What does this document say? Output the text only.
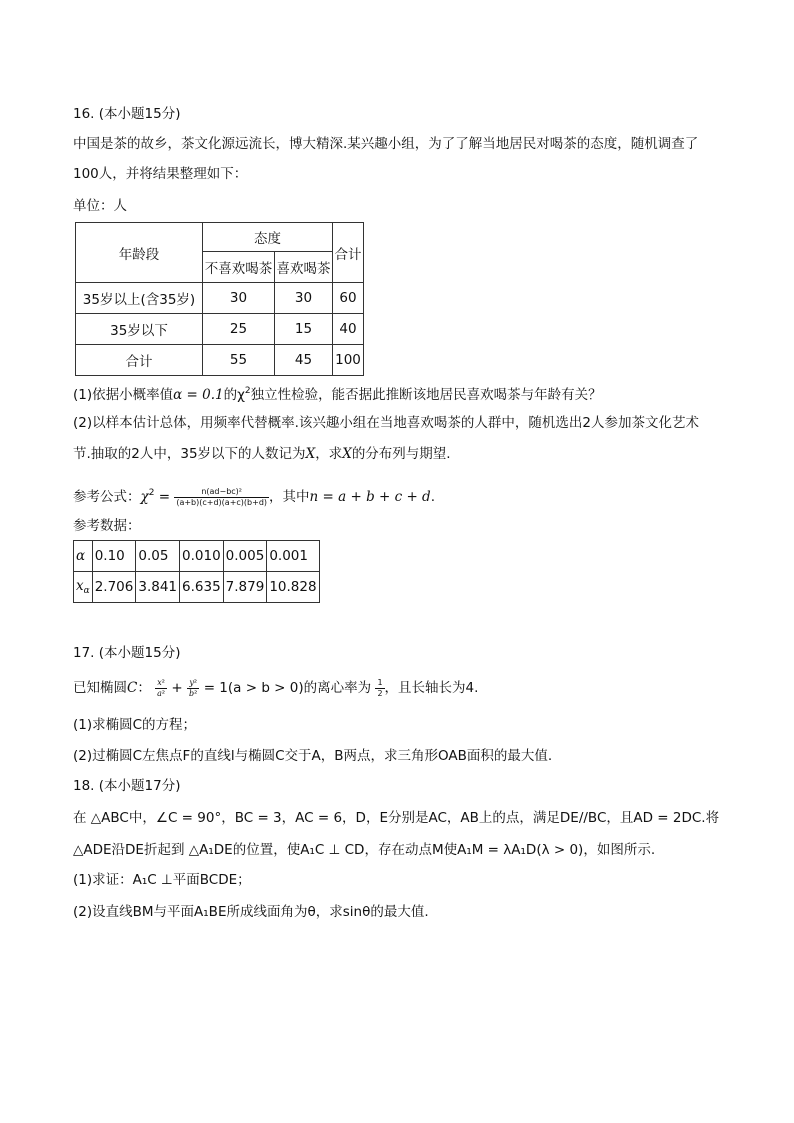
16. (本小题15分)
中国是茶的故乡，茶文化源远流长，博大精深.某兴趣小组，为了了解当地居民对喝茶的态度，随机调查了
100人，并将结果整理如下：
单位：人
年龄段	态度		合计
	不喜欢喝茶	喜欢喝茶	
35岁以上(含35岁)	30	30	60
35岁以下	25	15	40
合计	55	45	100
(1)依据小概率值α = 0.1的$\chi^2$独立性检验，能否据此推断该地居民喜欢喝茶与年龄有关？
(2)以样本估计总体，用频率代替概率.该兴趣小组在当地喜欢喝茶的人群中，随机选出2人参加茶文化艺术
节.抽取的2人中，35岁以下的人数记为X，求X的分布列与期望.
参考公式：$\chi^2 = \frac{\text{n(ad−bc)²}}{(a+b)(c+d)(a+c)(b+d)}$ ，其中n = a + b + c + d.
参考数据：
α	0.10	0.05	0.010	0.005	0.001
$x_\alpha$	2.706	3.841	6.635	7.879	10.828
17. (本小题15分)
已知椭圆C： $\frac{\text{x²}}{\text{a²}} + \frac{\text{y²}}{\text{b²}} = 1(a > b > 0)$的离心率为 $\frac{1}{2}$ ，且长轴长为4.
(1)求椭圆C的方程；
(2)过椭圆C左焦点F的直线l与椭圆C交于A，B两点，求三角形OAB面积的最大值.
18. (本小题17分)
在 △ABC中，∠C = 90°，BC = 3，AC = 6，D，E分别是AC，AB上的点，满足DE//BC，且AD = 2DC.将
△ADE沿DE折起到 △A₁DE的位置，使A₁C ⊥ CD，存在动点M使A₁M = λA₁D(λ > 0)，如图所示.
(1)求证：A₁C ⊥平面BCDE；
(2)设直线BM与平面A₁BE所成线面角为θ，求sinθ的最大值.
